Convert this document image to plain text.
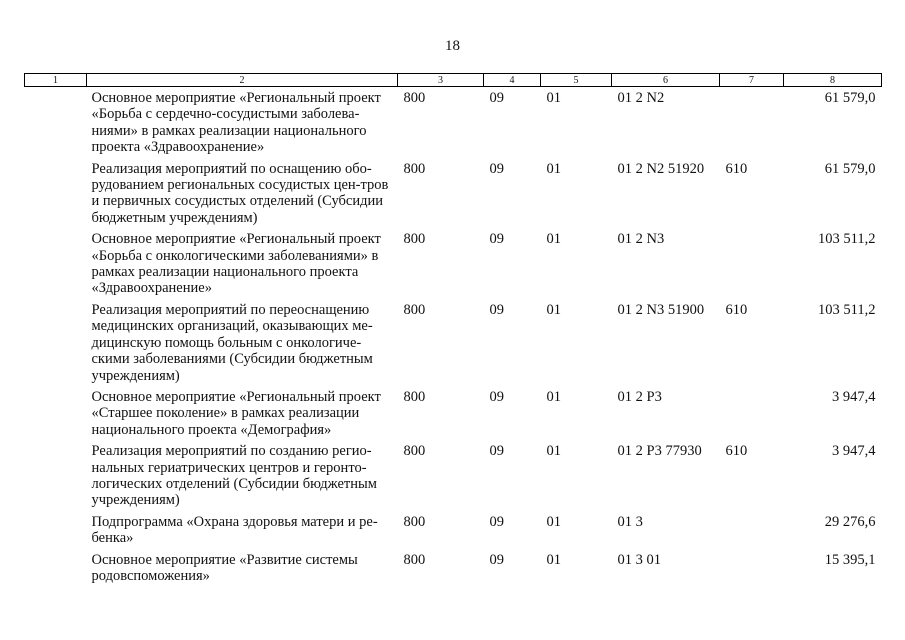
18
1	2	3	4	5	6	7	8
	Основное мероприятие «Региональный проект «Борьба с сердечно-сосудистыми заболева-ниями» в рамках реализации национального проекта «Здравоохранение»	800	09	01	01 2 N2		61 579,0
	Реализация мероприятий по оснащению обо-рудованием региональных сосудистых цен-тров и первичных сосудистых отделений (Субсидии бюджетным учреждениям)	800	09	01	01 2 N2 51920	610	61 579,0
	Основное мероприятие «Региональный проект «Борьба с онкологическими заболеваниями» в рамках реализации национального проекта «Здравоохранение»	800	09	01	01 2 N3		103 511,2
	Реализация мероприятий по переоснащению медицинских организаций, оказывающих ме-дицинскую помощь больным с онкологиче-скими заболеваниями (Субсидии бюджетным учреждениям)	800	09	01	01 2 N3 51900	610	103 511,2
	Основное мероприятие «Региональный проект «Старшее поколение» в рамках реализации национального проекта «Демография»	800	09	01	01 2 P3		3 947,4
	Реализация мероприятий по созданию регио-нальных гериатрических центров и геронто-логических отделений (Субсидии бюджетным учреждениям)	800	09	01	01 2 P3 77930	610	3 947,4
	Подпрограмма «Охрана здоровья матери и ре-бенка»	800	09	01	01 3		29 276,6
	Основное мероприятие «Развитие системы родовспоможения»	800	09	01	01 3 01		15 395,1
